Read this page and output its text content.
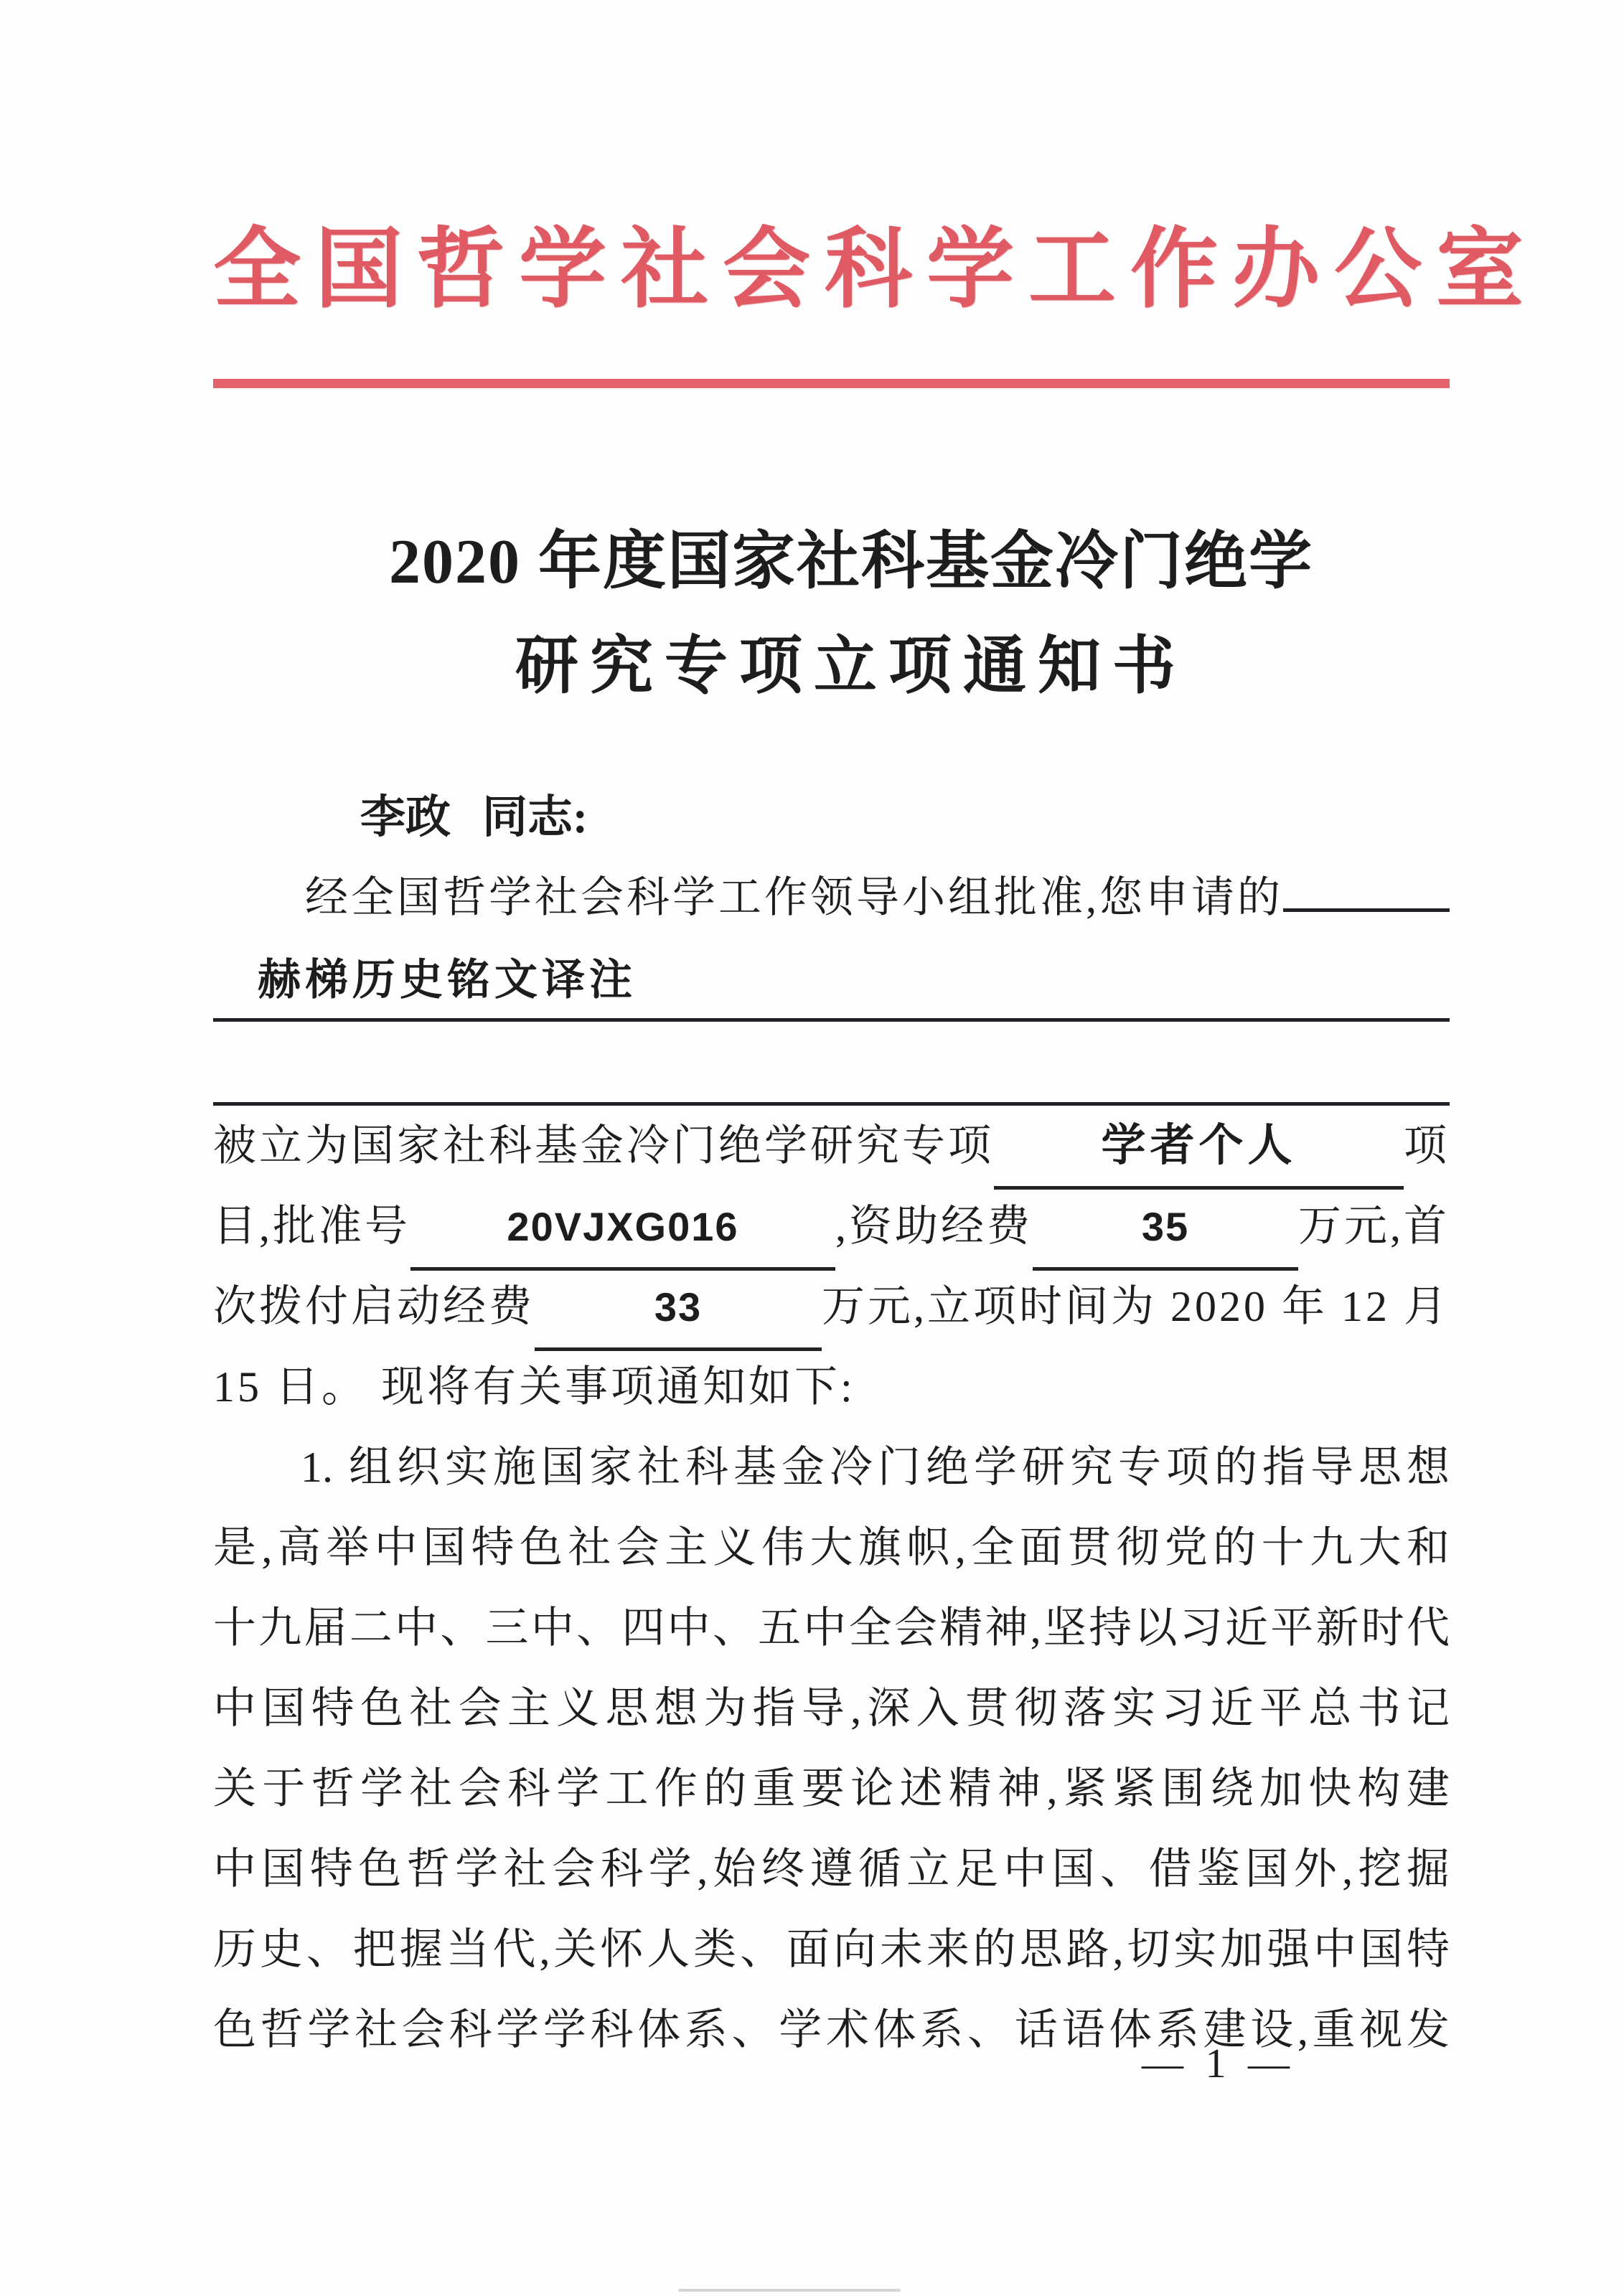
全国哲学社会科学工作办公室
2020 年度国家社科基金冷门绝学
研究专项立项通知书
李政 同志:
经全国哲学社会科学工作领导小组批准,您申请的
赫梯历史铭文译注
被立为国家社科基金冷门绝学研究专项	学者个人	项
目,批准号	20VJXG016	,资助经费	35	万元,首
次拨付启动经费	33	万元,立项时间为 2020 年 12 月
15 日。 现将有关事项通知如下:
1. 组织实施国家社科基金冷门绝学研究专项的指导思想
是,高举中国特色社会主义伟大旗帜,全面贯彻党的十九大和
十九届二中、三中、四中、五中全会精神,坚持以习近平新时代
中国特色社会主义思想为指导,深入贯彻落实习近平总书记
关于哲学社会科学工作的重要论述精神,紧紧围绕加快构建
中国特色哲学社会科学,始终遵循立足中国、借鉴国外,挖掘
历史、把握当代,关怀人类、面向未来的思路,切实加强中国特
色哲学社会科学学科体系、学术体系、话语体系建设,重视发
— 1 —
